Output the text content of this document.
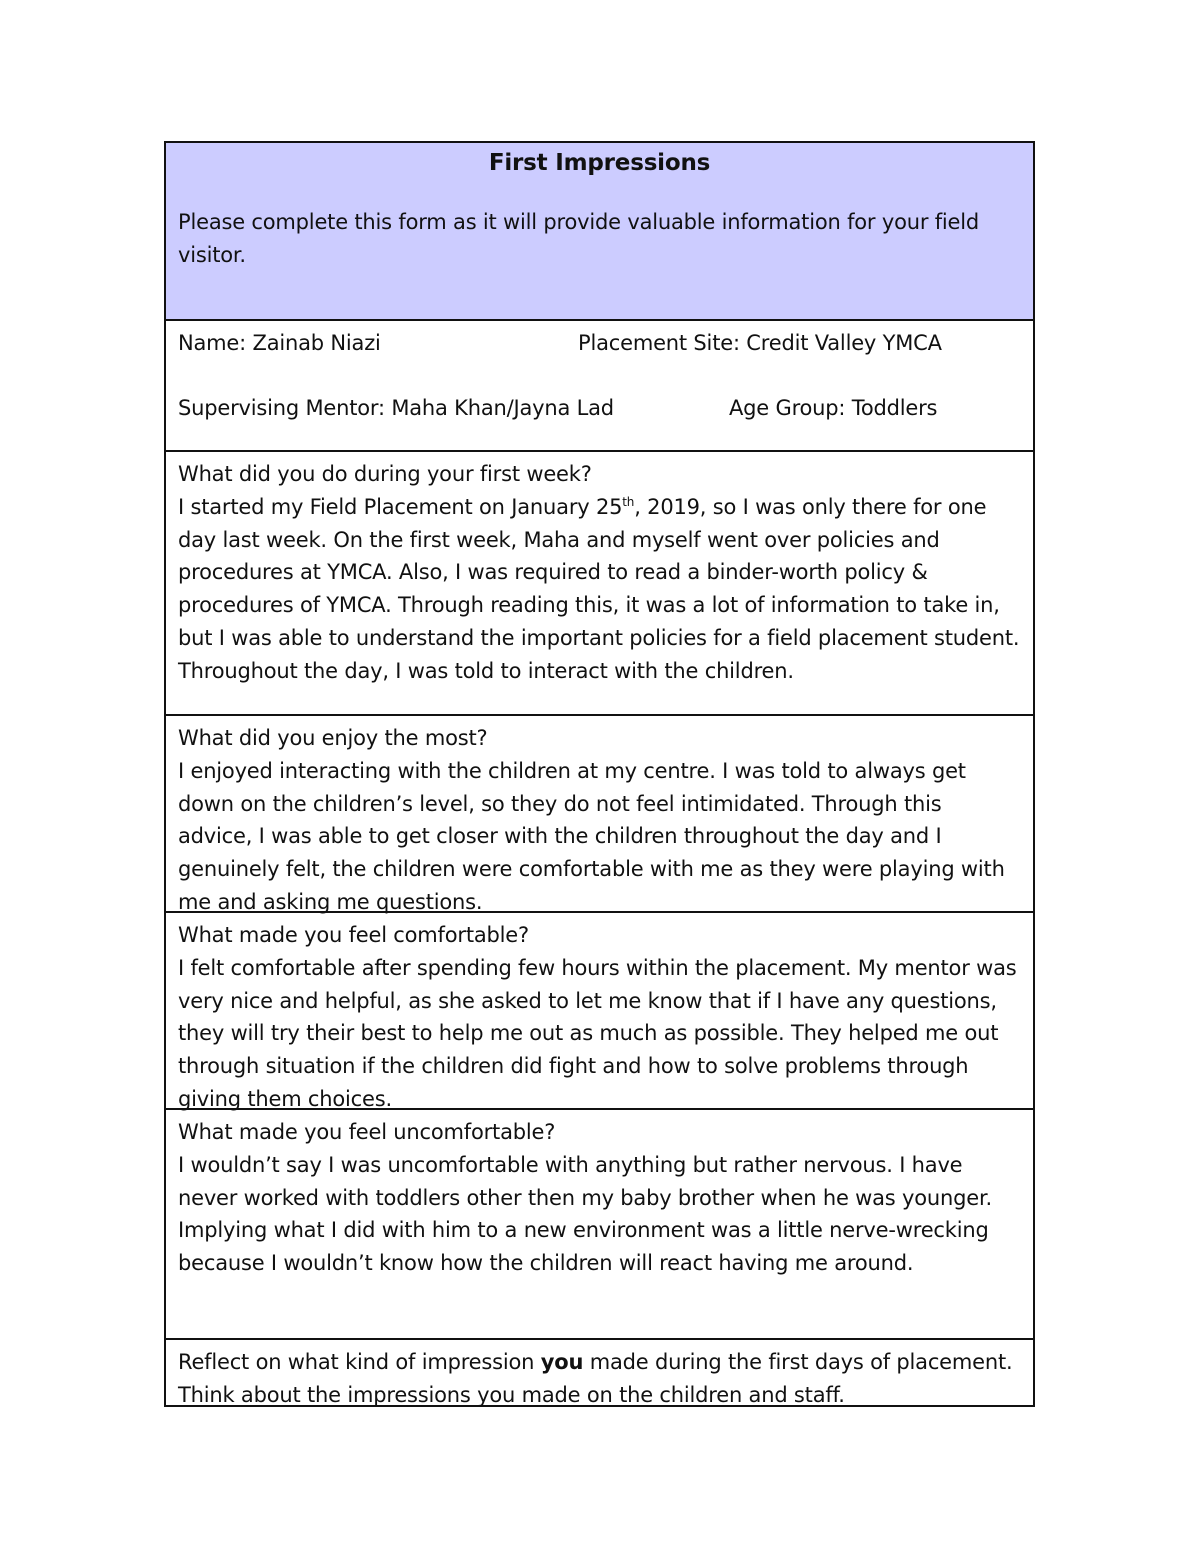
First Impressions

Please complete this form as it will provide valuable information for your field visitor.

Name: Zainab Niazi	Placement Site: Credit Valley YMCA
Supervising Mentor: Maha Khan/Jayna Lad	Age Group: Toddlers

What did you do during your first week?

I started my Field Placement on January 25th, 2019, so I was only there for one day last week. On the first week, Maha and myself went over policies and procedures at YMCA. Also, I was required to read a binder-worth policy & procedures of YMCA. Through reading this, it was a lot of information to take in, but I was able to understand the important policies for a field placement student. Throughout the day, I was told to interact with the children.

What did you enjoy the most?

I enjoyed interacting with the children at my centre. I was told to always get down on the children’s level, so they do not feel intimidated. Through this advice, I was able to get closer with the children throughout the day and I genuinely felt, the children were comfortable with me as they were playing with me and asking me questions.

What made you feel comfortable?

I felt comfortable after spending few hours within the placement. My mentor was very nice and helpful, as she asked to let me know that if I have any questions, they will try their best to help me out as much as possible. They helped me out through situation if the children did fight and how to solve problems through giving them choices.

What made you feel uncomfortable?

I wouldn’t say I was uncomfortable with anything but rather nervous. I have never worked with toddlers other then my baby brother when he was younger. Implying what I did with him to a new environment was a little nerve-wrecking because I wouldn’t know how the children will react having me around.

Reflect on what kind of impression you made during the first days of placement. Think about the impressions you made on the children and staff.
